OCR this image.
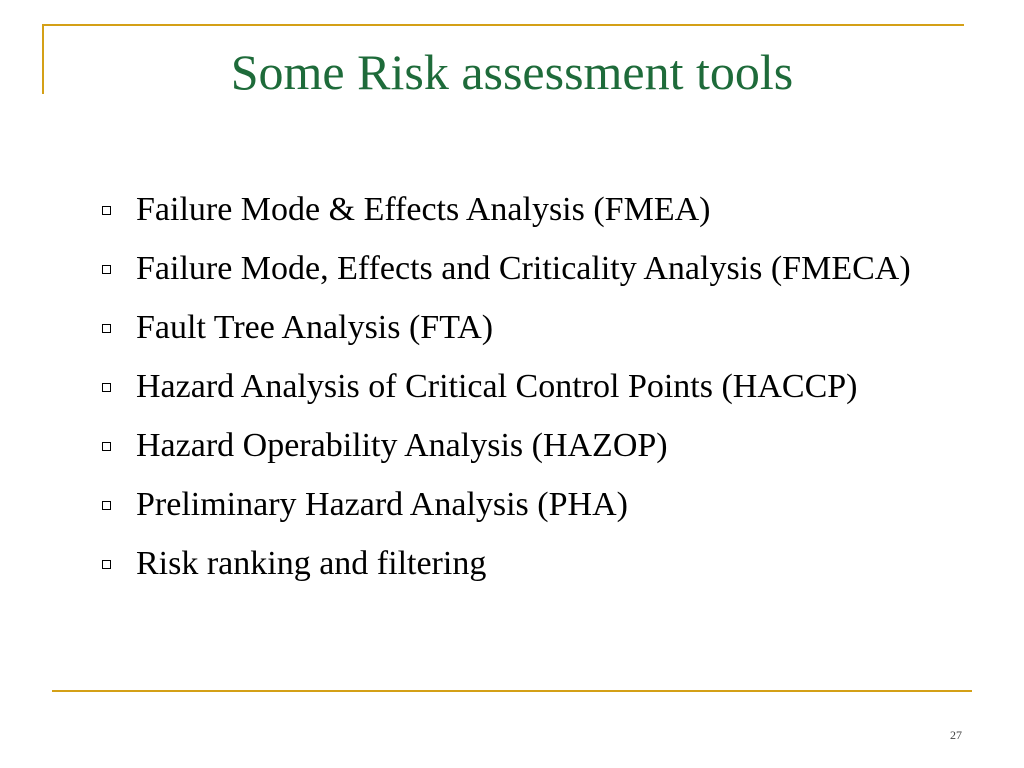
Some Risk assessment tools
Failure Mode & Effects Analysis (FMEA)
Failure Mode, Effects and Criticality Analysis (FMECA)
Fault Tree Analysis (FTA)
Hazard Analysis of Critical Control Points (HACCP)
Hazard Operability Analysis (HAZOP)
Preliminary Hazard Analysis (PHA)
Risk ranking and filtering
27
